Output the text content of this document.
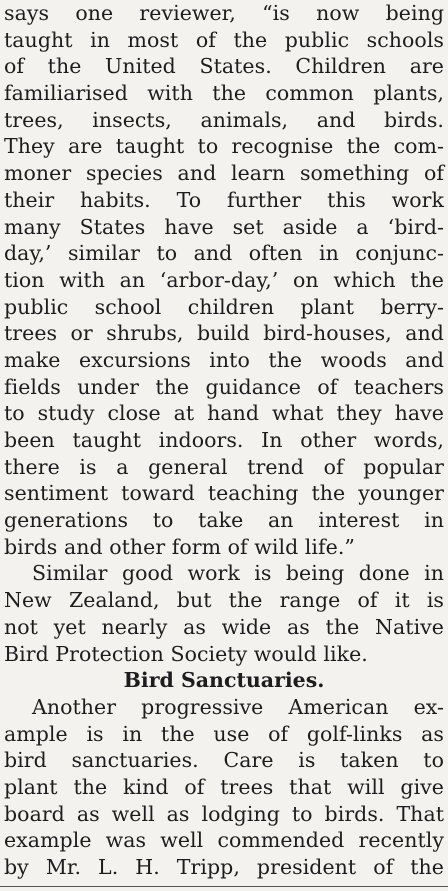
says one reviewer, “is now being
taught in most of the public schools
of the United States. Children are
familiarised with the common plants,
trees, insects, animals, and birds.
They are taught to recognise the com-
moner species and learn something of
their habits. To further this work
many States have set aside a ‘bird-
day,’ similar to and often in conjunc-
tion with an ‘arbor-day,’ on which the
public school children plant berry-
trees or shrubs, build bird-houses, and
make excursions into the woods and
fields under the guidance of teachers
to study close at hand what they have
been taught indoors. In other words,
there is a general trend of popular
sentiment toward teaching the younger
generations to take an interest in
birds and other form of wild life.”
Similar good work is being done in
New Zealand, but the range of it is
not yet nearly as wide as the Native
Bird Protection Society would like.
Bird Sanctuaries.
Another progressive American ex-
ample is in the use of golf-links as
bird sanctuaries. Care is taken to
plant the kind of trees that will give
board as well as lodging to birds. That
example was well commended recently
by Mr. L. H. Tripp, president of the
